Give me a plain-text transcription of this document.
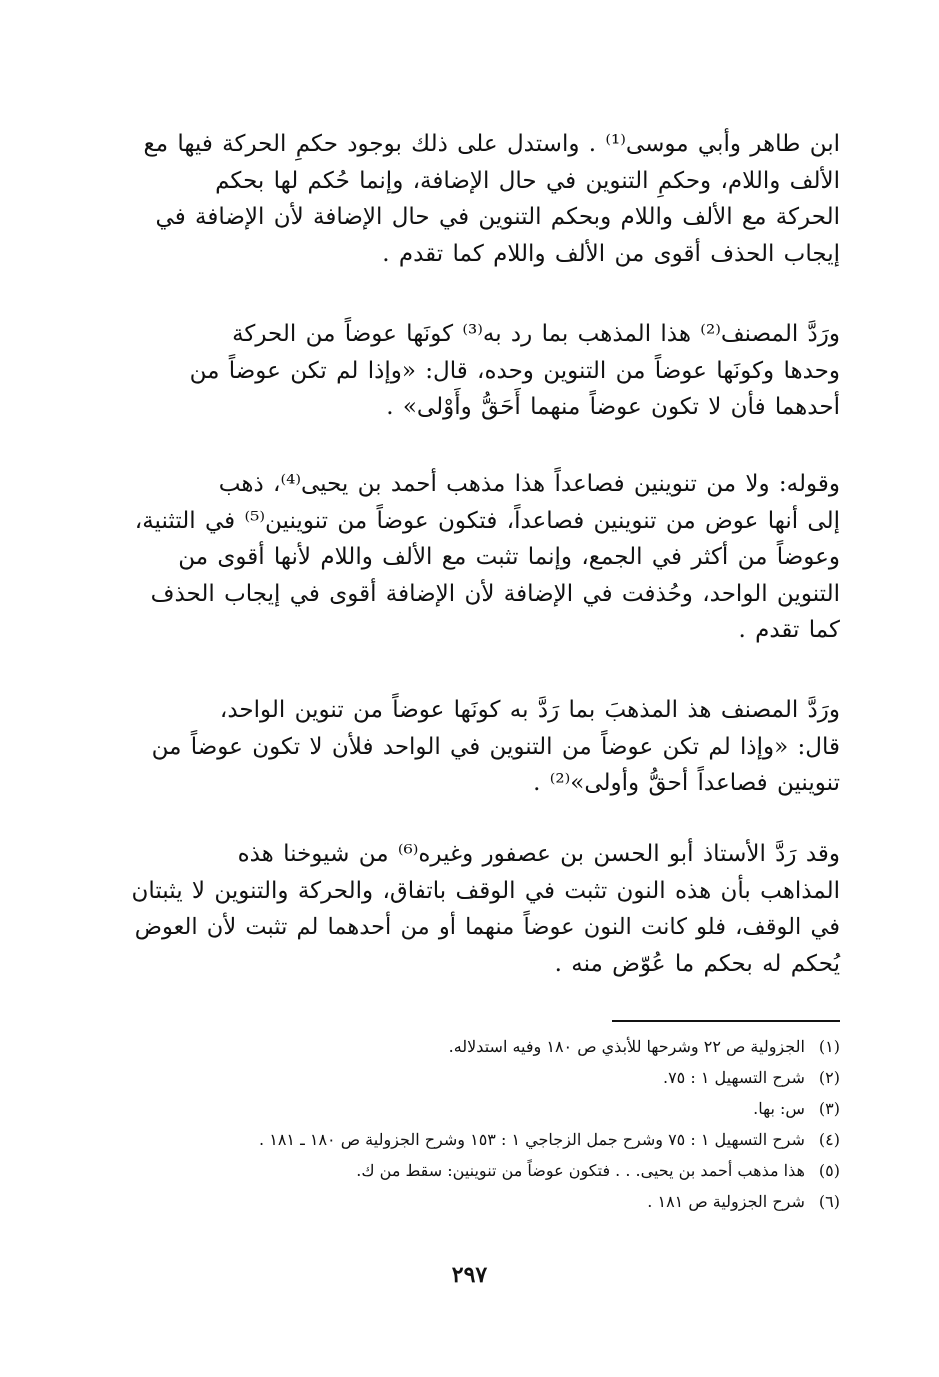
ابن طاهر وأبي موسى⁽¹⁾ . واستدل على ذلك بوجود حكمِ الحركة فيها مع
الألف واللام، وحكمِ التنوين في حال الإضافة، وإنما حُكم لها بحكم
الحركة مع الألف واللام وبحكم التنوين في حال الإضافة لأن الإضافة في
إيجاب الحذف أقوى من الألف واللام كما تقدم .
ورَدَّ المصنف⁽²⁾ هذا المذهب بما رد به⁽³⁾ كونَها عوضاً من الحركة
وحدها وكونَها عوضاً من التنوين وحده، قال: «وإذا لم تكن عوضاً من
أحدهما فأن لا تكون عوضاً منهما أَحَقُّ وأَوْلى» .
وقوله: ولا من تنوينين فصاعداً هذا مذهب أحمد بن يحيى⁽⁴⁾، ذهب
إلى أنها عوض من تنوينين فصاعداً، فتكون عوضاً من تنوينين⁽⁵⁾ في التثنية،
وعوضاً من أكثر في الجمع، وإنما تثبت مع الألف واللام لأنها أقوى من
التنوين الواحد، وحُذفت في الإضافة لأن الإضافة أقوى في إيجاب الحذف
كما تقدم .
ورَدَّ المصنف هذ المذهبَ بما رَدَّ به كونَها عوضاً من تنوين الواحد،
قال: «وإذا لم تكن عوضاً من التنوين في الواحد فلأن لا تكون عوضاً من
تنوينين فصاعداً أحقُّ وأولى»⁽²⁾ .
وقد رَدَّ الأستاذ أبو الحسن بن عصفور وغيره⁽⁶⁾ من شيوخنا هذه
المذاهب بأن هذه النون تثبت في الوقف باتفاق، والحركة والتنوين لا يثبتان
في الوقف، فلو كانت النون عوضاً منهما أو من أحدهما لم تثبت لأن العوض
يُحكم له بحكم ما عُوّض منه .
(١) الجزولية ص ٢٢ وشرحها للأبذي ص ١٨٠ وفيه استدلاله.
(٢) شرح التسهيل ١ : ٧٥.
(٣) س: بها.
(٤) شرح التسهيل ١ : ٧٥ وشرح جمل الزجاجي ١ : ١٥٣ وشرح الجزولية ص ١٨٠ ـ ١٨١ .
(٥) هذا مذهب أحمد بن يحيى. . . فتكون عوضاً من تنوينين: سقط من ك.
(٦) شرح الجزولية ص ١٨١ .
٢٩٧
